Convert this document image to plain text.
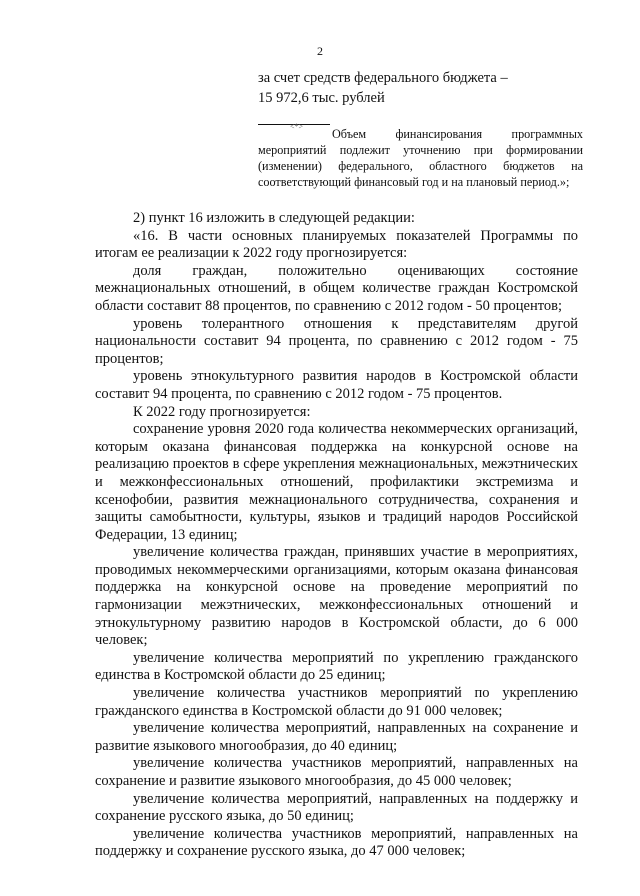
2
за счет средств федерального бюджета –
15 972,6 тыс. рублей
<*>
Объем финансирования программных мероприятий подлежит уточнению при формировании (изменении) федерального, областного бюджетов на соответствующий финансовый год и на плановый период.»;

2) пункт 16 изложить в следующей редакции:

«16. В части основных планируемых показателей Программы по итогам ее реализации к 2022 году прогнозируется:

доля граждан, положительно оценивающих состояние межнациональных отношений, в общем количестве граждан Костромской области составит 88 процентов, по сравнению с 2012 годом - 50 процентов;

уровень толерантного отношения к представителям другой национальности составит 94 процента, по сравнению с 2012 годом - 75 процентов;

уровень этнокультурного развития народов в Костромской области составит 94 процента, по сравнению с 2012 годом - 75 процентов.

К 2022 году прогнозируется:

сохранение уровня 2020 года количества некоммерческих организаций, которым оказана финансовая поддержка на конкурсной основе на реализацию проектов в сфере укрепления межнациональных, межэтнических и межконфессиональных отношений, профилактики экстремизма и ксенофобии, развития межнационального сотрудничества, сохранения и защиты самобытности, культуры, языков и традиций народов Российской Федерации, 13 единиц;

увеличение количества граждан, принявших участие в мероприятиях, проводимых некоммерческими организациями, которым оказана финансовая поддержка на конкурсной основе на проведение мероприятий по гармонизации межэтнических, межконфессиональных отношений и этнокультурному развитию народов в Костромской области, до 6 000 человек;

увеличение количества мероприятий по укреплению гражданского единства в Костромской области до 25 единиц;

увеличение количества участников мероприятий по укреплению гражданского единства в Костромской области до 91 000 человек;

увеличение количества мероприятий, направленных на сохранение и развитие языкового многообразия, до 40 единиц;

увеличение количества участников мероприятий, направленных на сохранение и развитие языкового многообразия, до 45 000 человек;

увеличение количества мероприятий, направленных на поддержку и сохранение русского языка, до 50 единиц;

увеличение количества участников мероприятий, направленных на поддержку и сохранение русского языка, до 47 000 человек;
